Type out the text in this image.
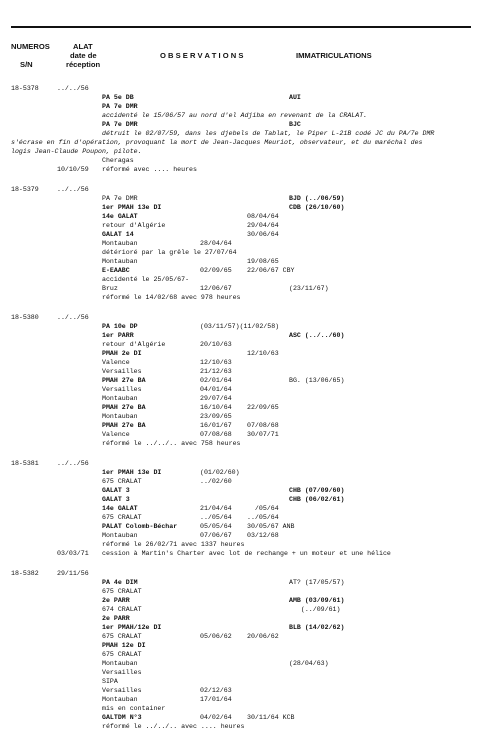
NUMEROS
S/N
ALAT
date de
réception
O B S E R V A T I O N S	IMMATRICULATIONS
18-5378	../../56
PA 5e DB	AUI
PA 7e DMR
accidenté le 15/06/57 au nord d'el Adjiba en revenant de la CRALAT.
PA 7e DMR	BJC
détruit le 02/07/59, dans les djebels de Tablat, le Piper L-21B codé JC du PA/7e DMR
s'écrase en fin d'opération, provoquant la mort de Jean-Jacques Meuriot, observateur, et du maréchal des
logis Jean-Claude Poupon, pilote.
Cheragas
10/10/59 réformé avec .... heures
18-5379	../../56
PA 7e DMR	BJD (../06/59)
1er PMAH 13e DI	CDB (26/10/60)
14e GALAT	08/04/64
retour d'Algérie	29/04/64
GALAT 14	30/06/64
Montauban	28/04/64
détérioré par la grêle le 27/07/64
Montauban	19/08/65
E-EAABC	02/09/65 22/06/67 CBY
accidenté le 25/05/67-
Bruz	12/06/67	(23/11/67)
réformé le 14/02/68 avec 978 heures
18-5380	../../56
PA 10e DP	(03/11/57)(11/02/58)
1er PARR	ASC (../../60)
retour d'Algérie	20/10/63
PMAH 2e DI	12/10/63
Valence	12/10/63
Versailles	21/12/63
PMAH 27e BA	02/01/64	BG. (13/06/65)
Versailles	04/01/64
Montauban	29/07/64
PMAH 27e BA	16/10/64 22/09/65
Montauban	23/09/65
PMAH 27e BA	16/01/67 07/08/68
Valence	07/08/68 30/07/71
réformé le ../../.. avec 758 heures
18-5381	../../56
1er PMAH 13e DI	(01/02/60)
675 CRALAT	../02/60
GALAT 3	CHB (07/09/60)
GALAT 3	CHB (06/02/61)
14e GALAT	21/04/64 /05/64
675 CRALAT	../05/64 ../05/64
PALAT Colomb-Béchar	05/05/64 30/05/67 ANB
Montauban	07/06/67 03/12/68
réformé le 26/02/71 avec 1337 heures
03/03/71 cession à Martin's Charter avec lot de rechange + un moteur et une hélice
18-5382	29/11/56
PA 4e DIM	AT? (17/05/57)
675 CRALAT
2e PARR	AMB (03/09/61)
674 CRALAT	(../09/61)
2e PARR
1er PMAH/12e DI	BLB (14/02/62)
675 CRALAT	05/06/62 20/06/62
PMAH 12e DI
675 CRALAT
Montauban	(28/04/63)
Versailles
SIPA
Versailles	02/12/63
Montauban	17/01/64
mis en container
GALTDM N°3	04/02/64 30/11/64 KCB
réformé le ../../.. avec .... heures
